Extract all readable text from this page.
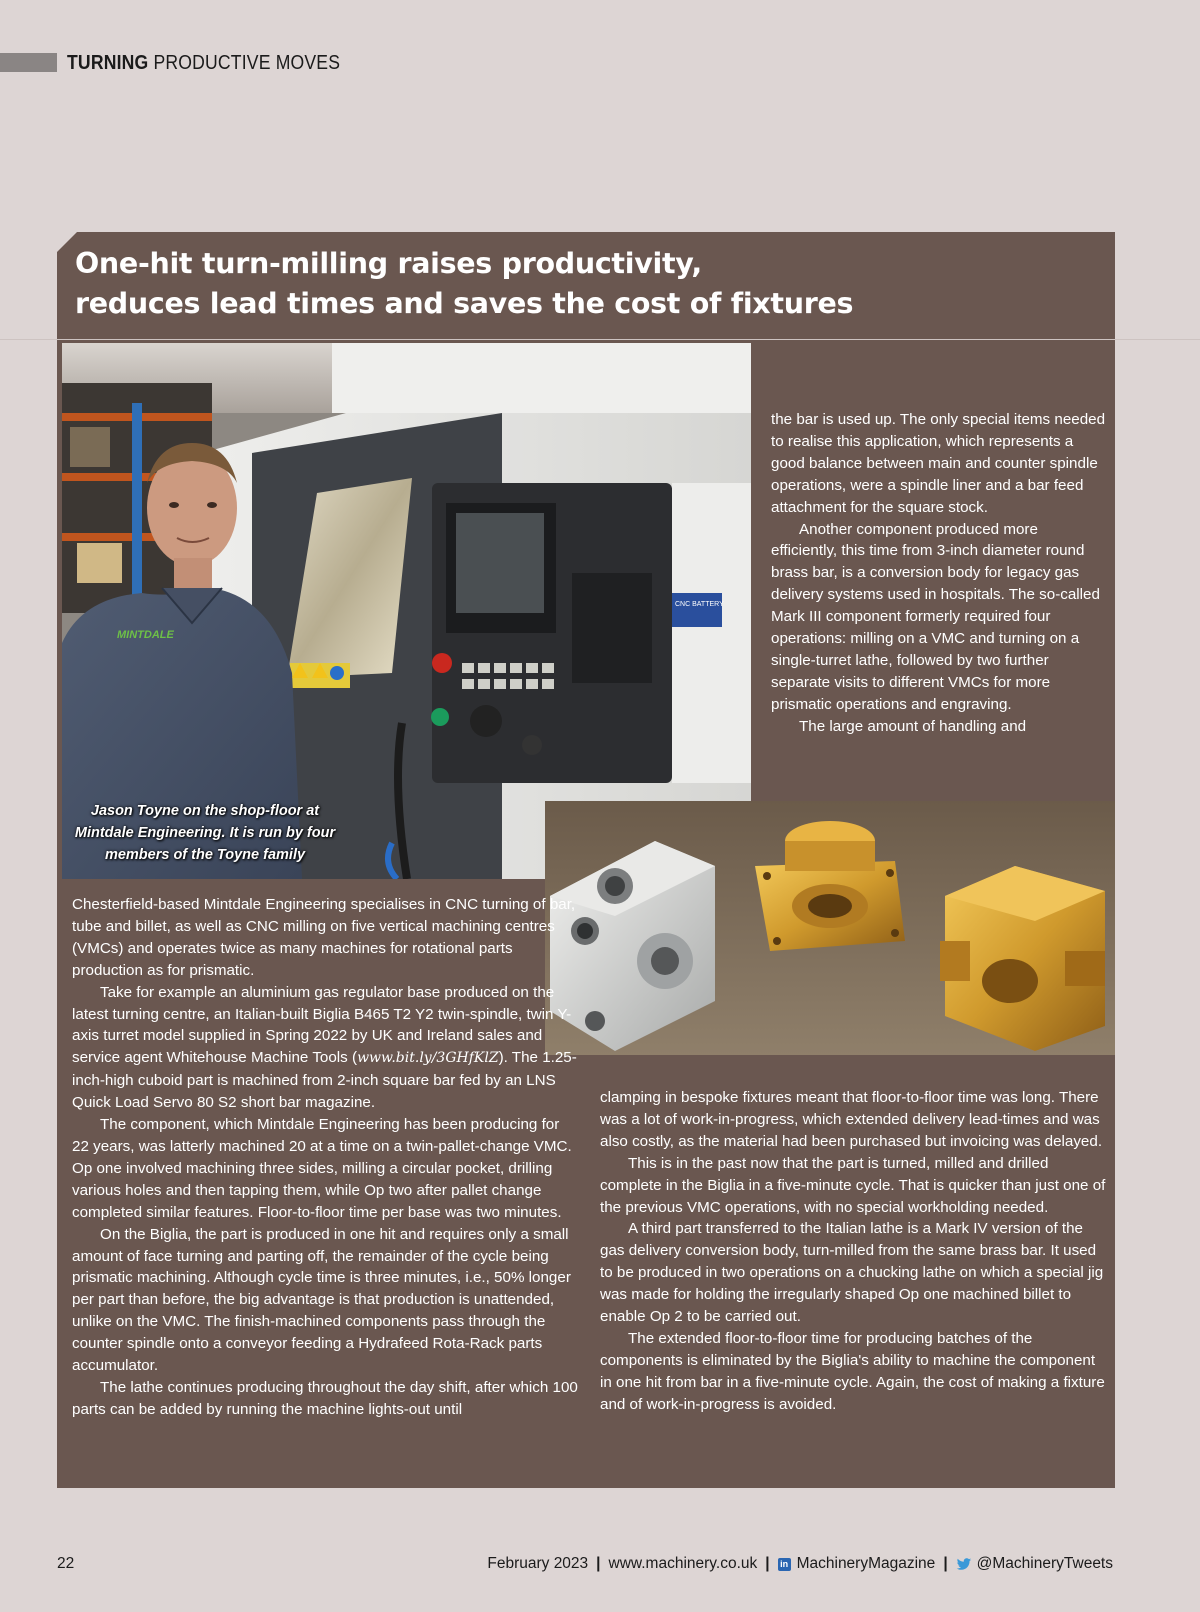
TURNING PRODUCTIVE MOVES
One-hit turn-milling raises productivity,
reduces lead times and saves the cost of fixtures
CNC BATTERY
MINTDALE
Jason Toyne on the shop-floor at Mintdale Engineering. It is run by four members of the Toyne family

the bar is used up. The only special items needed to realise this application, which represents a good balance between main and counter spindle operations, were a spindle liner and a bar feed attachment for the square stock.

Another component produced more efficiently, this time from 3-inch diameter round brass bar, is a conversion body for legacy gas delivery systems used in hospitals. The so-called Mark III component formerly required four operations: milling on a VMC and turning on a single-turret lathe, followed by two further separate visits to different VMCs for more prismatic operations and engraving.

The large amount of handling and

Chesterfield-based Mintdale Engineering specialises in CNC turning of bar, tube and billet, as well as CNC milling on five vertical machining centres (VMCs) and operates twice as many machines for rotational parts production as for prismatic.

Take for example an aluminium gas regulator base produced on the latest turning centre, an Italian-built Biglia B465 T2 Y2 twin-spindle, twin Y-axis turret model supplied in Spring 2022 by UK and Ireland sales and service agent Whitehouse Machine Tools (www.bit.ly/3GHfKlZ). The 1.25-inch-high cuboid part is machined from 2-inch square bar fed by an LNS Quick Load Servo 80 S2 short bar magazine.

The component, which Mintdale Engineering has been producing for 22 years, was latterly machined 20 at a time on a twin-pallet-change VMC. Op one involved machining three sides, milling a circular pocket, drilling various holes and then tapping them, while Op two after pallet change completed similar features. Floor-to-floor time per base was two minutes.

On the Biglia, the part is produced in one hit and requires only a small amount of face turning and parting off, the remainder of the cycle being prismatic machining. Although cycle time is three minutes, i.e., 50% longer per part than before, the big advantage is that production is unattended, unlike on the VMC. The finish-machined components pass through the counter spindle onto a conveyor feeding a Hydrafeed Rota-Rack parts accumulator.

The lathe continues producing throughout the day shift, after which 100 parts can be added by running the machine lights-out until

clamping in bespoke fixtures meant that floor-to-floor time was long. There was a lot of work-in-progress, which extended delivery lead-times and was also costly, as the material had been purchased but invoicing was delayed.

This is in the past now that the part is turned, milled and drilled complete in the Biglia in a five-minute cycle. That is quicker than just one of the previous VMC operations, with no special workholding needed.

A third part transferred to the Italian lathe is a Mark IV version of the gas delivery conversion body, turn-milled from the same brass bar. It used to be produced in two operations on a chucking lathe on which a special jig was made for holding the irregularly shaped Op one machined billet to enable Op 2 to be carried out.

The extended floor-to-floor time for producing batches of the components is eliminated by the Biglia's ability to machine the component in one hit from bar in a five-minute cycle. Again, the cost of making a fixture and of work-in-progress is avoided.

22	February 2023 | www.machinery.co.uk | in MachineryMagazine | @MachineryTweets
